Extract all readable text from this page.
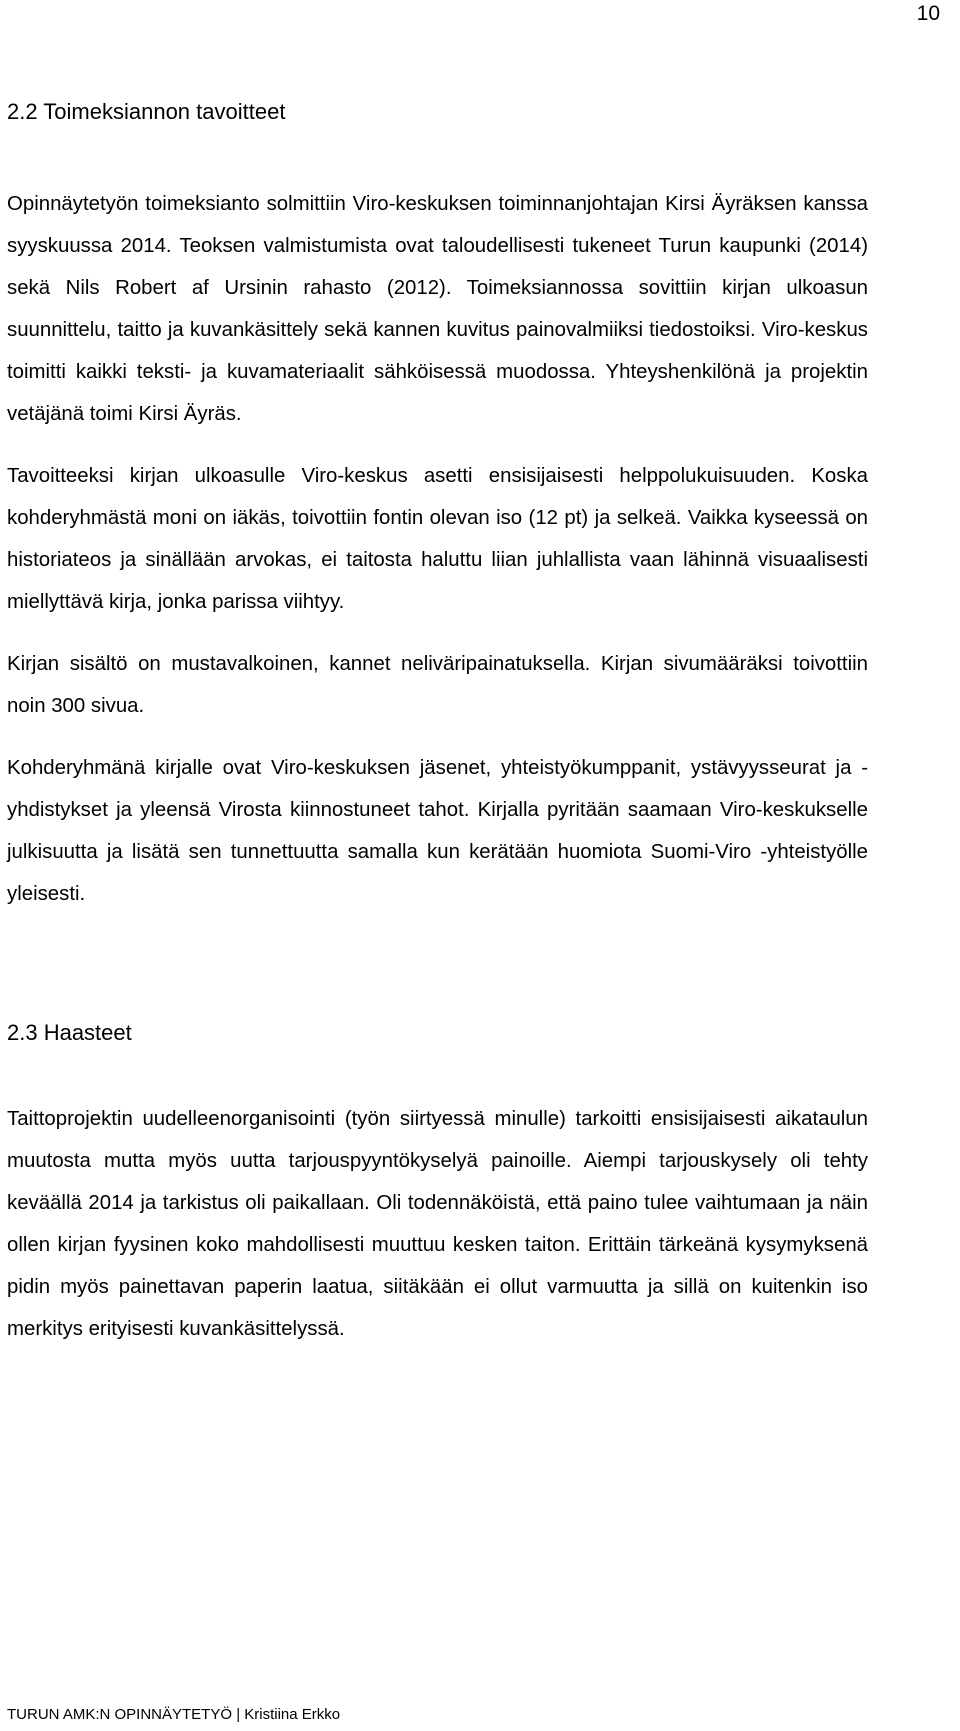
10
2.2 Toimeksiannon tavoitteet

Opinnäytetyön toimeksianto solmittiin Viro-keskuksen toiminnanjohtajan Kirsi Äyräksen kanssa syyskuussa 2014. Teoksen valmistumista ovat taloudellisesti tukeneet Turun kaupunki (2014) sekä Nils Robert af Ursinin rahasto (2012). Toimeksiannossa sovittiin kirjan ulkoasun suunnittelu, taitto ja kuvankäsittely sekä kannen kuvitus painovalmiiksi tiedostoiksi. Viro-keskus toimitti kaikki teksti- ja kuvamateriaalit sähköisessä muodossa. Yhteyshenkilönä ja projektin vetäjänä toimi Kirsi Äyräs.

Tavoitteeksi kirjan ulkoasulle Viro-keskus asetti ensisijaisesti helppolukuisuuden. Koska kohderyhmästä moni on iäkäs, toivottiin fontin olevan iso (12 pt) ja selkeä. Vaikka kyseessä on historiateos ja sinällään arvokas, ei taitosta haluttu liian juhlallista vaan lähinnä visuaalisesti miellyttävä kirja, jonka parissa viihtyy.

Kirjan sisältö on mustavalkoinen, kannet neliväripainatuksella. Kirjan sivumääräksi toivottiin noin 300 sivua.

Kohderyhmänä kirjalle ovat Viro-keskuksen jäsenet, yhteistyökumppanit, ystävyysseurat ja -yhdistykset ja yleensä Virosta kiinnostuneet tahot. Kirjalla pyritään saamaan Viro-keskukselle julkisuutta ja lisätä sen tunnettuutta samalla kun kerätään huomiota Suomi-Viro -yhteistyölle yleisesti.

2.3 Haasteet

Taittoprojektin uudelleenorganisointi (työn siirtyessä minulle) tarkoitti ensisijaisesti aikataulun muutosta mutta myös uutta tarjouspyyntökyselyä painoille. Aiempi tarjouskysely oli tehty keväällä 2014 ja tarkistus oli paikallaan. Oli todennäköistä, että paino tulee vaihtumaan ja näin ollen kirjan fyysinen koko mahdollisesti muuttuu kesken taiton. Erittäin tärkeänä kysymyksenä pidin myös painettavan paperin laatua, siitäkään ei ollut varmuutta ja sillä on kuitenkin iso merkitys erityisesti kuvankäsittelyssä.

TURUN AMK:N OPINNÄYTETYÖ | Kristiina Erkko
